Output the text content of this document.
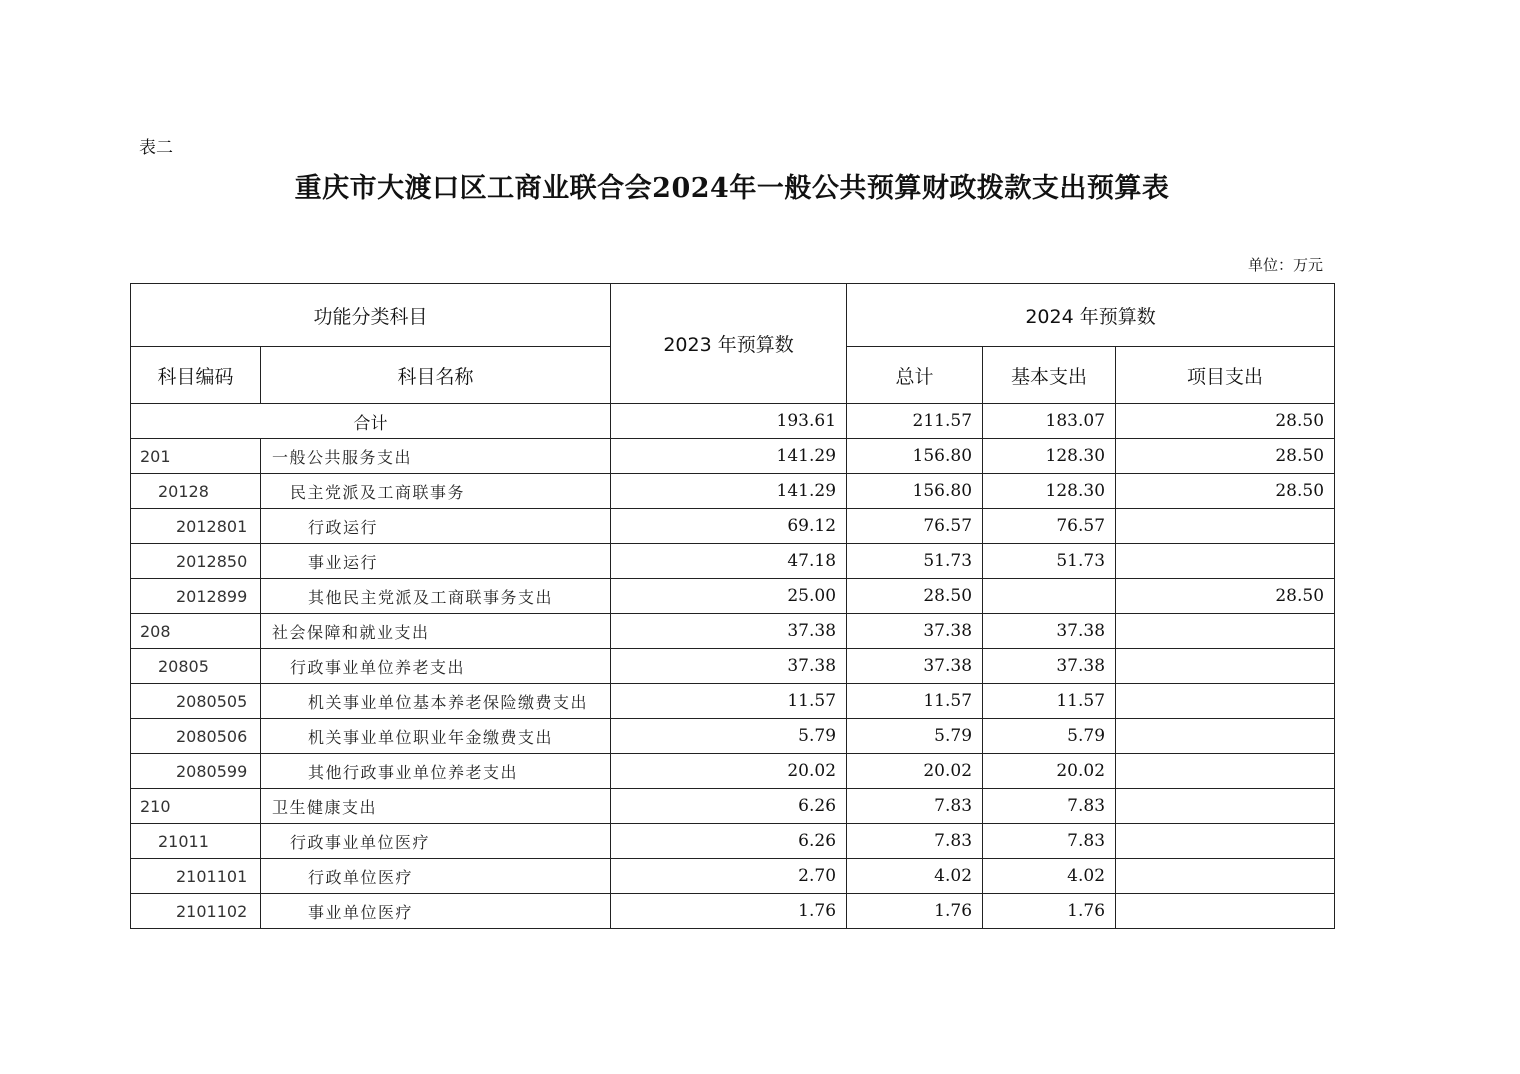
表二
重庆市大渡口区工商业联合会2024年一般公共预算财政拨款支出预算表
单位：万元
功能分类科目		2023 年预算数	2024 年预算数		
科目编码	科目名称		总计	基本支出	项目支出
合计		193.61	211.57	183.07	28.50
201	一般公共服务支出	141.29	156.80	128.30	28.50
20128	民主党派及工商联事务	141.29	156.80	128.30	28.50
2012801	行政运行	69.12	76.57	76.57	
2012850	事业运行	47.18	51.73	51.73	
2012899	其他民主党派及工商联事务支出	25.00	28.50		28.50
208	社会保障和就业支出	37.38	37.38	37.38	
20805	行政事业单位养老支出	37.38	37.38	37.38	
2080505	机关事业单位基本养老保险缴费支出	11.57	11.57	11.57	
2080506	机关事业单位职业年金缴费支出	5.79	5.79	5.79	
2080599	其他行政事业单位养老支出	20.02	20.02	20.02	
210	卫生健康支出	6.26	7.83	7.83	
21011	行政事业单位医疗	6.26	7.83	7.83	
2101101	行政单位医疗	2.70	4.02	4.02	
2101102	事业单位医疗	1.76	1.76	1.76	
